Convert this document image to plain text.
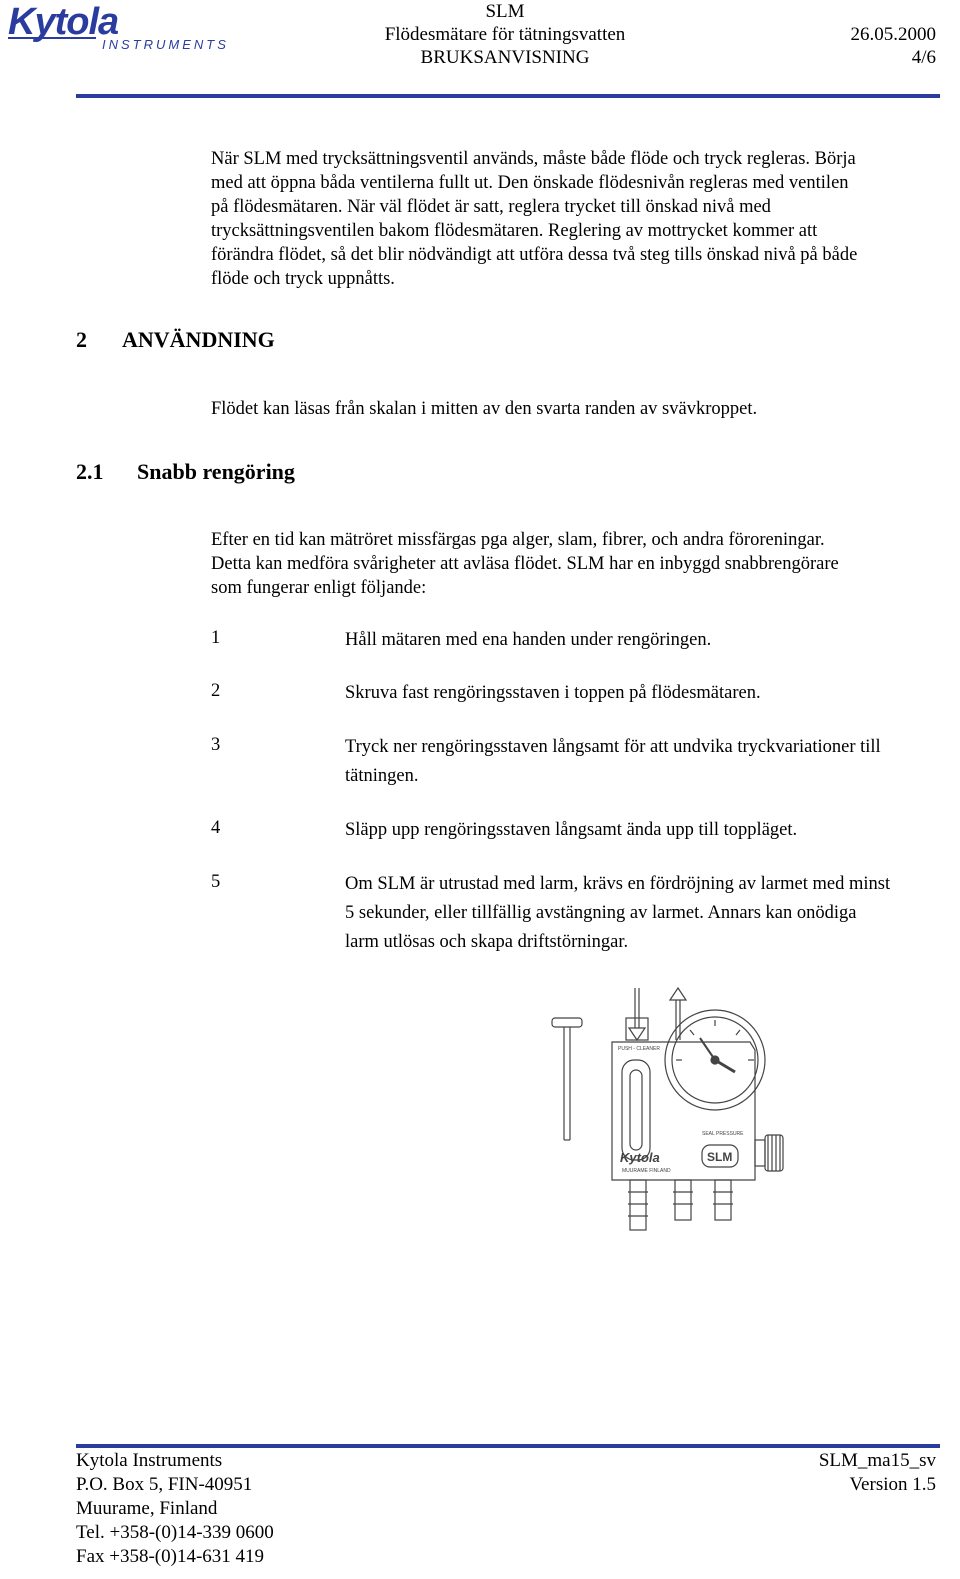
Kytola
INSTRUMENTS
SLM
Flödesmätare för tätningsvatten
BRUKSANVISNING
26.05.2000
4/6
När SLM med trycksättningsventil används, måste både flöde och tryck regleras. Börja
med att öppna båda ventilerna fullt ut. Den önskade flödesnivån regleras med ventilen
på flödesmätaren. När väl flödet är satt, reglera trycket till önskad nivå med
trycksättningsventilen bakom flödesmätaren. Reglering av mottrycket kommer att
förändra flödet, så det blir nödvändigt att utföra dessa två steg tills önskad nivå på både
flöde och tryck uppnåtts.
2 ANVÄNDNING
Flödet kan läsas från skalan i mitten av den svarta randen av svävkroppet.
2.1 Snabb rengöring
Efter en tid kan mätröret missfärgas pga alger, slam, fibrer, och andra föroreningar.
Detta kan medföra svårigheter att avläsa flödet. SLM har en inbyggd snabbrengörare
som fungerar enligt följande:
1	Håll mätaren med ena handen under rengöringen.
2	Skruva fast rengöringsstaven i toppen på flödesmätaren.
3	Tryck ner rengöringsstaven långsamt för att undvika tryckvariationer till
tätningen.
4	Släpp upp rengöringsstaven långsamt ända upp till toppläget.
5	Om SLM är utrustad med larm, krävs en fördröjning av larmet med minst
5 sekunder, eller tillfällig avstängning av larmet. Annars kan onödiga
larm utlösas och skapa driftstörningar.
PUSH - CLEANER
SEAL PRESSURE
Kytola	SLM
MUURAME FINLAND
Kytola Instruments
P.O. Box 5, FIN-40951
Muurame, Finland
Tel. +358-(0)14-339 0600
Fax +358-(0)14-631 419
SLM_ma15_sv
Version 1.5
